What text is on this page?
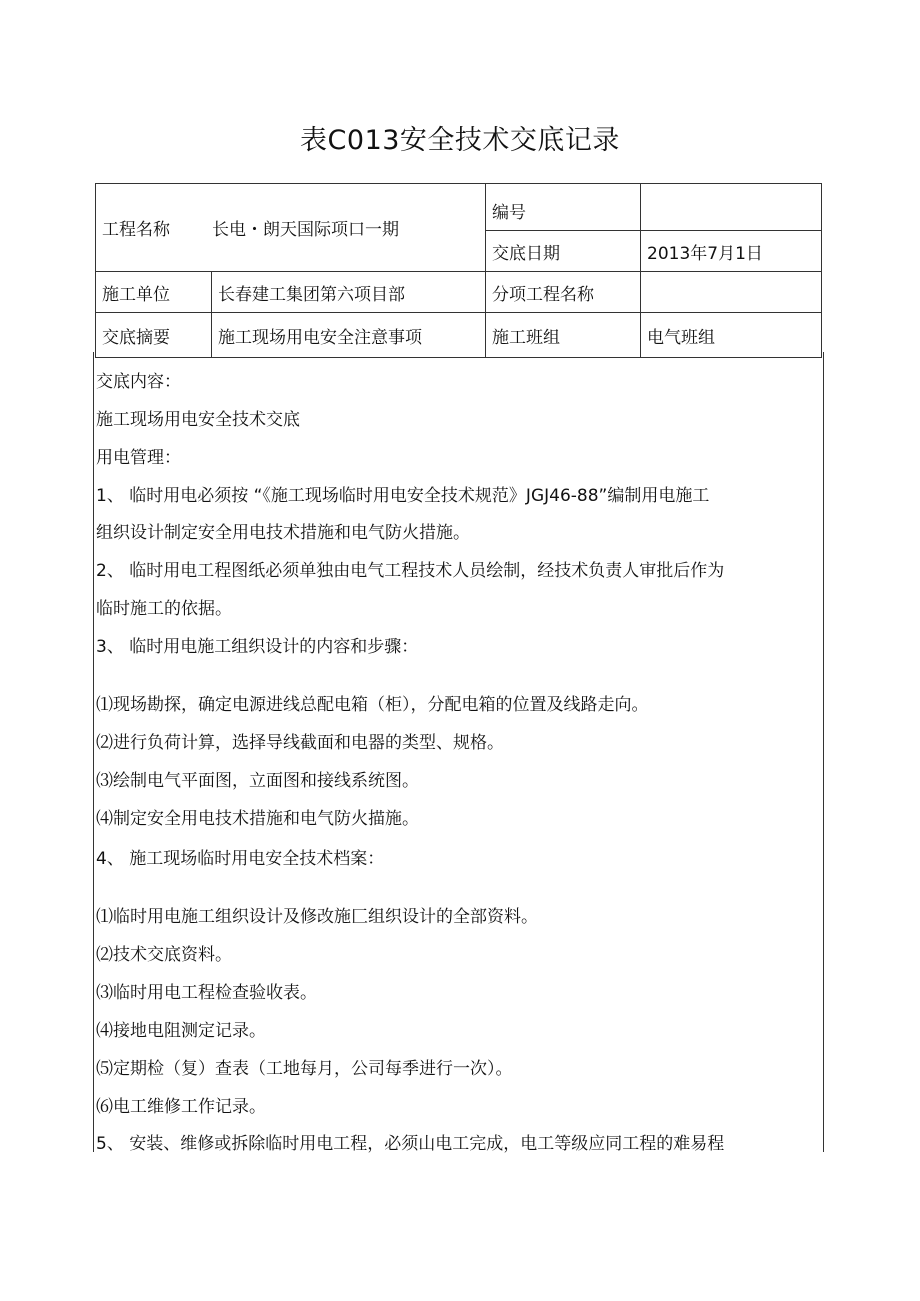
表C013安全技术交底记录
工程名称 长电・朗天国际项口一期		编号	
		交底日期	2013年7月1日
施工单位	长春建工集团第六项目部	分项工程名称	
交底摘要	施工现场用电安全注意事项	施工班组	电气班组
交底内容：
施工现场用电安全技术交底
用电管理：
1、 临时用电必须按 “《施工现场临时用电安全技术规范》JGJ46-88”编制用电施工
组织设计制定安全用电技术措施和电气防火措施。
2、 临时用电工程图纸必须单独由电气工程技术人员绘制，经技术负责人审批后作为
临时施工的依据。
3、 临时用电施工组织设计的内容和步骤：
⑴现场勘探，确定电源进线总配电箱（柜），分配电箱的位置及线路走向。
⑵进行负荷计算，选择导线截面和电器的类型、规格。
⑶绘制电气平面图，立面图和接线系统图。
⑷制定安全用电技术措施和电气防火描施。
4、 施工现场临时用电安全技术档案：
⑴临时用电施工组织设计及修改施匚组织设计的全部资料。
⑵技术交底资料。
⑶临时用电工程检查验收表。
⑷接地电阻测定记录。
⑸定期检（复）查表（工地每月，公司每季进行一次）。
⑹电工维修工作记录。
5、 安装、维修或拆除临时用电工程，必须山电工完成，电工等级应同工程的难易程
